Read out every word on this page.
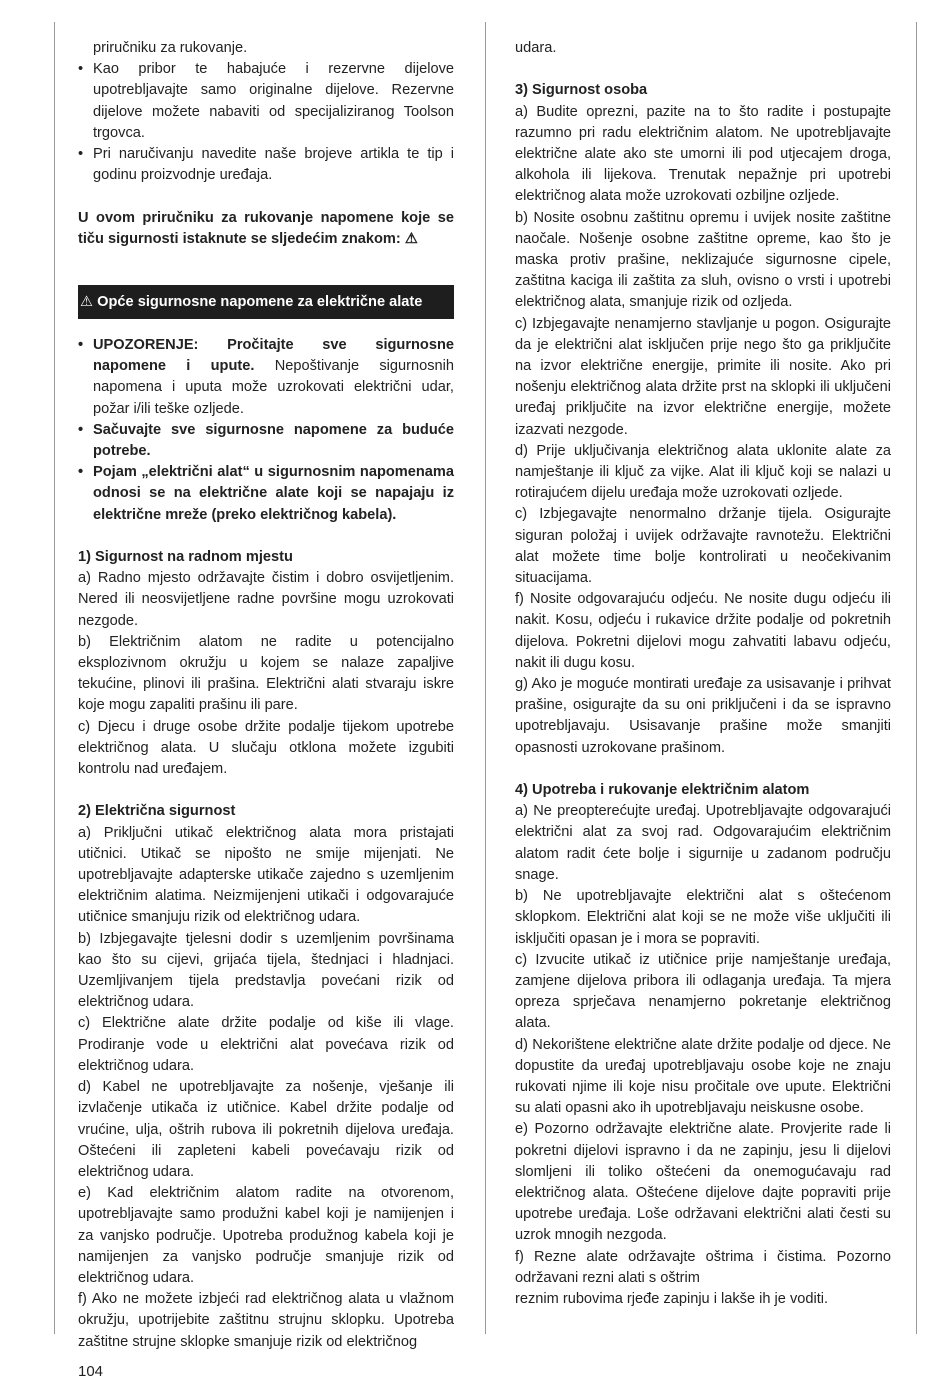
priručniku za rukovanje.

• Kao pribor te habajuće i rezervne dijelove upotrebljavajte samo originalne dijelove. Rezervne dijelove možete nabaviti od specijaliziranog Toolson trgovca.
• Pri naručivanju navedite naše brojeve artikla te tip i godinu proizvodnje uređaja.

U ovom priručniku za rukovanje napomene koje se tiču sigurnosti istaknute se sljedećim znakom: ⚠

⚠ Opće sigurnosne napomene za električne alate
• UPOZORENJE: Pročitajte sve sigurnosne napomene i upute. Nepoštivanje sigurnosnih napomena i uputa može uzrokovati električni udar, požar i/ili teške ozljede.
• Sačuvajte sve sigurnosne napomene za buduće potrebe.
• Pojam „električni alat“ u sigurnosnim napomenama odnosi se na električne alate koji se napajaju iz električne mreže (preko električnog kabela).

1) Sigurnost na radnom mjestu

a) Radno mjesto održavajte čistim i dobro osvijetljenim. Nered ili neosvijetljene radne površine mogu uzrokovati nezgode.

b) Električnim alatom ne radite u potencijalno eksplozivnom okružju u kojem se nalaze zapaljive tekućine, plinovi ili prašina. Električni alati stvaraju iskre koje mogu zapaliti prašinu ili pare.

c) Djecu i druge osobe držite podalje tijekom upotrebe električnog alata. U slučaju otklona možete izgubiti kontrolu nad uređajem.

2) Električna sigurnost

a) Priključni utikač električnog alata mora pristajati utičnici. Utikač se nipošto ne smije mijenjati. Ne upotrebljavajte adapterske utikače zajedno s uzemljenim električnim alatima. Neizmijenjeni utikači i odgovarajuće utičnice smanjuju rizik od električnog udara.

b) Izbjegavajte tjelesni dodir s uzemljenim površinama kao što su cijevi, grijaća tijela, štednjaci i hladnjaci. Uzemljivanjem tijela predstavlja povećani rizik od električnog udara.

c) Električne alate držite podalje od kiše ili vlage. Prodiranje vode u električni alat povećava rizik od električnog udara.

d) Kabel ne upotrebljavajte za nošenje, vješanje ili izvlačenje utikača iz utičnice. Kabel držite podalje od vrućine, ulja, oštrih rubova ili pokretnih dijelova uređaja. Oštećeni ili zapleteni kabeli povećavaju rizik od električnog udara.

e) Kad električnim alatom radite na otvorenom, upotrebljavajte samo produžni kabel koji je namijenjen i za vanjsko područje. Upotreba produžnog kabela koji je namijenjen za vanjsko područje smanjuje rizik od električnog udara.

f) Ako ne možete izbjeći rad električnog alata u vlažnom okružju, upotrijebite zaštitnu strujnu sklopku. Upotreba zaštitne strujne sklopke smanjuje rizik od električnog

udara.

3) Sigurnost osoba

a) Budite oprezni, pazite na to što radite i postupajte razumno pri radu električnim alatom. Ne upotrebljavajte električne alate ako ste umorni ili pod utjecajem droga, alkohola ili lijekova. Trenutak nepažnje pri upotrebi električnog alata može uzrokovati ozbiljne ozljede.

b) Nosite osobnu zaštitnu opremu i uvijek nosite zaštitne naočale. Nošenje osobne zaštitne opreme, kao što je maska protiv prašine, neklizajuće sigurnosne cipele, zaštitna kaciga ili zaštita za sluh, ovisno o vrsti i upotrebi električnog alata, smanjuje rizik od ozljeda.

c) Izbjegavajte nenamjerno stavljanje u pogon. Osigurajte da je električni alat isključen prije nego što ga priključite na izvor električne energije, primite ili nosite. Ako pri nošenju električnog alata držite prst na sklopki ili uključeni uređaj priključite na izvor električne energije, možete izazvati nezgode.

d) Prije uključivanja električnog alata uklonite alate za namještanje ili ključ za vijke. Alat ili ključ koji se nalazi u rotirajućem dijelu uređaja može uzrokovati ozljede.

c) Izbjegavajte nenormalno držanje tijela. Osigurajte siguran položaj i uvijek održavajte ravnotežu. Električni alat možete time bolje kontrolirati u neočekivanim situacijama.

f) Nosite odgovarajuću odjeću. Ne nosite dugu odjeću ili nakit. Kosu, odjeću i rukavice držite podalje od pokretnih dijelova. Pokretni dijelovi mogu zahvatiti labavu odjeću, nakit ili dugu kosu.

g) Ako je moguće montirati uređaje za usisavanje i prihvat prašine, osigurajte da su oni priključeni i da se ispravno upotrebljavaju. Usisavanje prašine može smanjiti opasnosti uzrokovane prašinom.

4) Upotreba i rukovanje električnim alatom

a) Ne preopterećujte uređaj. Upotrebljavajte odgovarajući električni alat za svoj rad. Odgovarajućim električnim alatom radit ćete bolje i sigurnije u zadanom području snage.

b) Ne upotrebljavajte električni alat s oštećenom sklopkom. Električni alat koji se ne može više uključiti ili isključiti opasan je i mora se popraviti.

c) Izvucite utikač iz utičnice prije namještanje uređaja, zamjene dijelova pribora ili odlaganja uređaja. Ta mjera opreza sprječava nenamjerno pokretanje električnog alata.

d) Nekorištene električne alate držite podalje od djece. Ne dopustite da uređaj upotrebljavaju osobe koje ne znaju rukovati njime ili koje nisu pročitale ove upute. Električni su alati opasni ako ih upotrebljavaju neiskusne osobe.

e) Pozorno održavajte električne alate. Provjerite rade li pokretni dijelovi ispravno i da ne zapinju, jesu li dijelovi slomljeni ili toliko oštećeni da onemogućavaju rad električnog alata. Oštećene dijelove dajte popraviti prije upotrebe uređaja. Loše održavani električni alati česti su uzrok mnogih nezgoda.

f) Rezne alate održavajte oštrima i čistima. Pozorno održavani rezni alati s oštrim

reznim rubovima rjeđe zapinju i lakše ih je voditi.

104
